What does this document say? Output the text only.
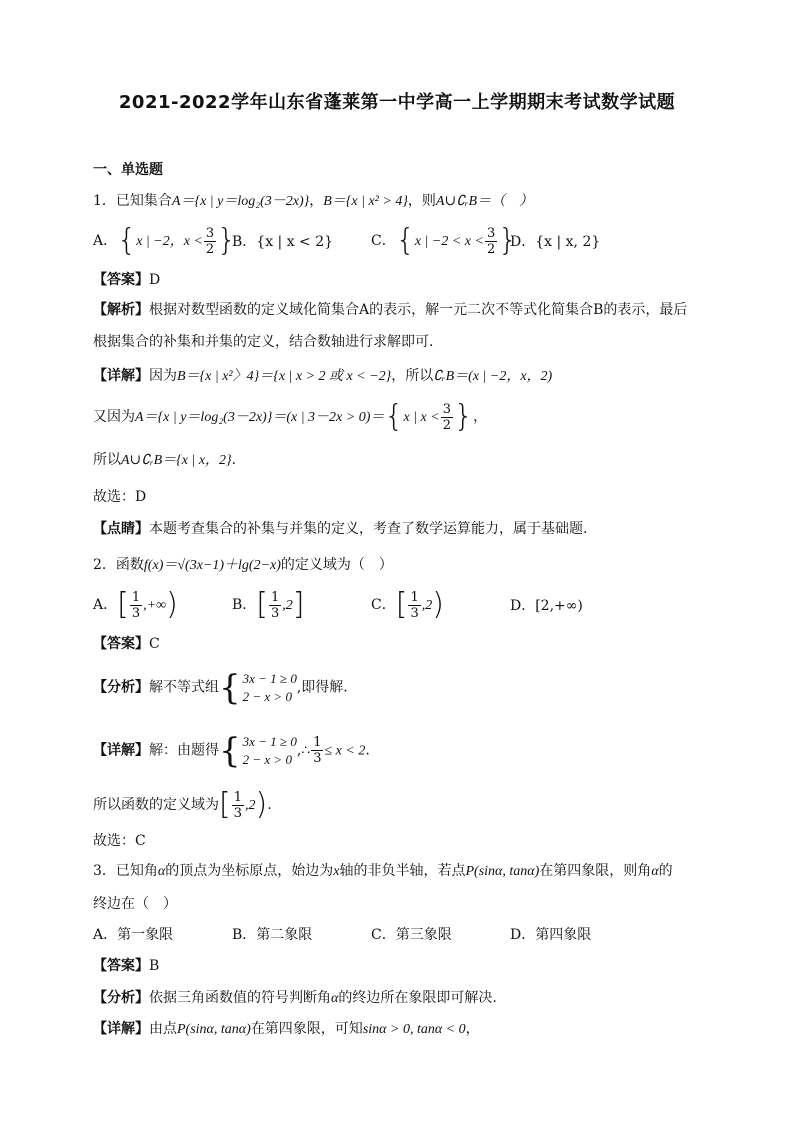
2021-2022学年山东省蓬莱第一中学高一上学期期末考试数学试题
一、单选题
1．已知集合A＝{x | y＝log₂(3－2x)}，B＝{x | x² > 4}，则A∪∁ᵣB＝（　）
A．{x | −2，$x < \frac{3}{2}$ }
B．{x | x < 2}	C．{x | $-2 < x < \frac{3}{2}$ }
D．{x | x, 2}
【答案】D
【解析】根据对数型函数的定义域化简集合A的表示，解一元二次不等式化简集合B的表示，最后
根据集合的补集和并集的定义，结合数轴进行求解即可.
【详解】因为B＝{x | x²〉4}＝{x | x > 2 或 x < −2}，所以∁ᵣB＝(x | −2，x，2)
又因为A＝{x | y＝log₂(3－2x)}＝(x | 3－2x > 0)＝{x | $x < \frac{3}{2}$ }，
所以A∪∁ᵣB＝{x | x，2}.
故选：D
【点睛】本题考查集合的补集与并集的定义，考查了数学运算能力，属于基础题.
2．函数f(x)＝√(3x−1)＋lg(2−x)的定义域为（　）
A．[ $\frac{1}{3}$ ,+∞)	B．[ $\frac{1}{3} ,2$]	C．[ $\frac{1}{3} ,2$)	D．[2,+∞)
【答案】C
【分析】解不等式组 { 3x − 1 ≥ 0
2 − x > 0
,即得解.
【详解】解：由题得 { 3x − 1 ≥ 0
2 − x > 0
,∴ $\frac{1}{3} \le x < 2$.
所以函数的定义域为[ $\frac{1}{3} ,2$).
故选：C
3．已知角α的顶点为坐标原点，始边为x轴的非负半轴，若点P(sinα, tanα)在第四象限，则角α的
终边在（　）
A．第一象限	B．第二象限	C．第三象限	D．第四象限
【答案】B
【分析】依据三角函数值的符号判断角α的终边所在象限即可解决.
【详解】由点P(sinα, tanα)在第四象限，可知sinα > 0, tanα < 0，
